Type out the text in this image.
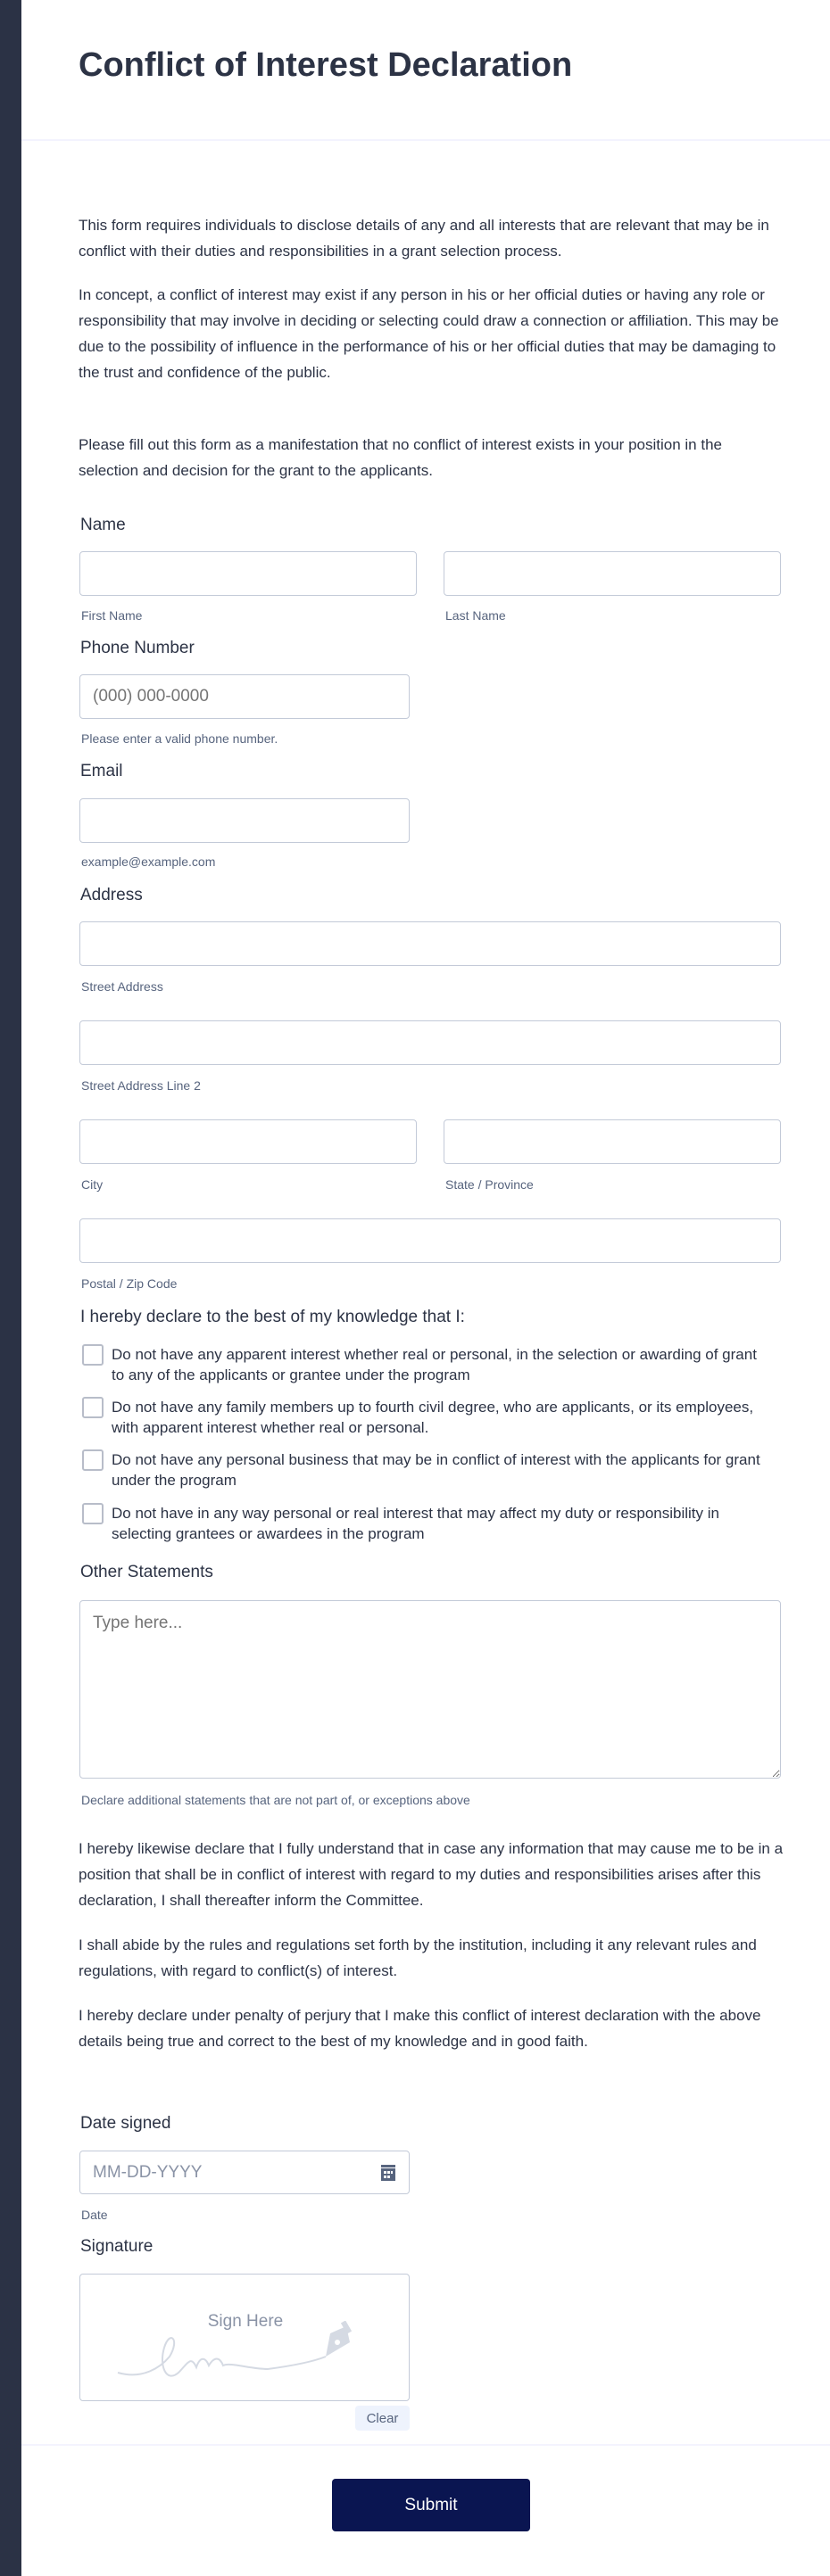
Conflict of Interest Declaration
This form requires individuals to disclose details of any and all interests that are relevant that may be in conflict with their duties and responsibilities in a grant selection process.
In concept, a conflict of interest may exist if any person in his or her official duties or having any role or responsibility that may involve in deciding or selecting could draw a connection or affiliation. This may be due to the possibility of influence in the performance of his or her official duties that may be damaging to the trust and confidence of the public.
Please fill out this form as a manifestation that no conflict of interest exists in your position in the selection and decision for the grant to the applicants.
Name
First Name	Last Name
Phone Number
(000) 000-0000
Please enter a valid phone number.
Email
example@example.com
Address
Street Address
Street Address Line 2
City	State / Province
Postal / Zip Code
I hereby declare to the best of my knowledge that I:
Do not have any apparent interest whether real or personal, in the selection or awarding of grant to any of the applicants or grantee under the program
Do not have any family members up to fourth civil degree, who are applicants, or its employees, with apparent interest whether real or personal.
Do not have any personal business that may be in conflict of interest with the applicants for grant under the program
Do not have in any way personal or real interest that may affect my duty or responsibility in selecting grantees or awardees in the program
Other Statements
Type here...
Declare additional statements that are not part of, or exceptions above
I hereby likewise declare that I fully understand that in case any information that may cause me to be in a position that shall be in conflict of interest with regard to my duties and responsibilities arises after this declaration, I shall thereafter inform the Committee.
I shall abide by the rules and regulations set forth by the institution, including it any relevant rules and regulations, with regard to conflict(s) of interest.
I hereby declare under penalty of perjury that I make this conflict of interest declaration with the above details being true and correct to the best of my knowledge and in good faith.
Date signed
MM-DD-YYYY
Date
Signature
Sign Here
Clear
Submit
